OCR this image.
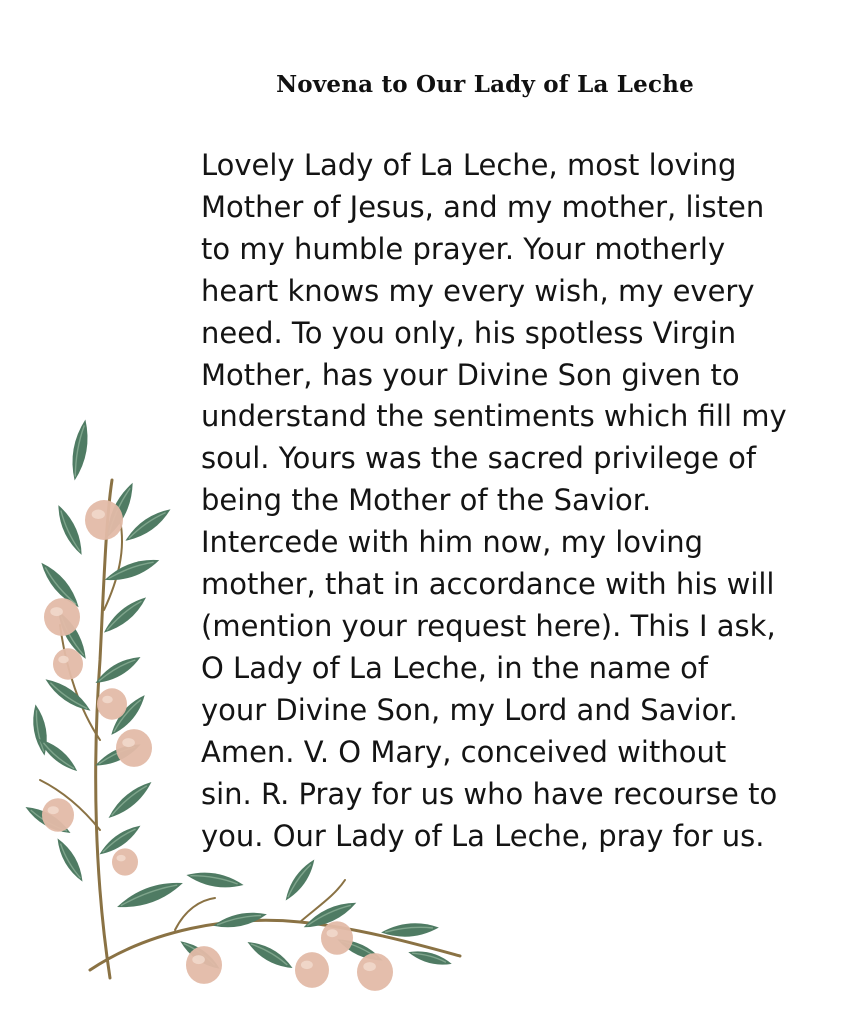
Novena to Our Lady of La Leche

Lovely Lady of La Leche, most loving
Mother of Jesus, and my mother, listen
to my humble prayer. Your motherly
heart knows my every wish, my every
need. To you only, his spotless Virgin
Mother, has your Divine Son given to
understand the sentiments which fill my
soul. Yours was the sacred privilege of
being the Mother of the Savior.
Intercede with him now, my loving
mother, that in accordance with his will
(mention your request here). This I ask,
O Lady of La Leche, in the name of
your Divine Son, my Lord and Savior.
Amen. V. O Mary, conceived without
sin. R. Pray for us who have recourse to
you. Our Lady of La Leche, pray for us.
